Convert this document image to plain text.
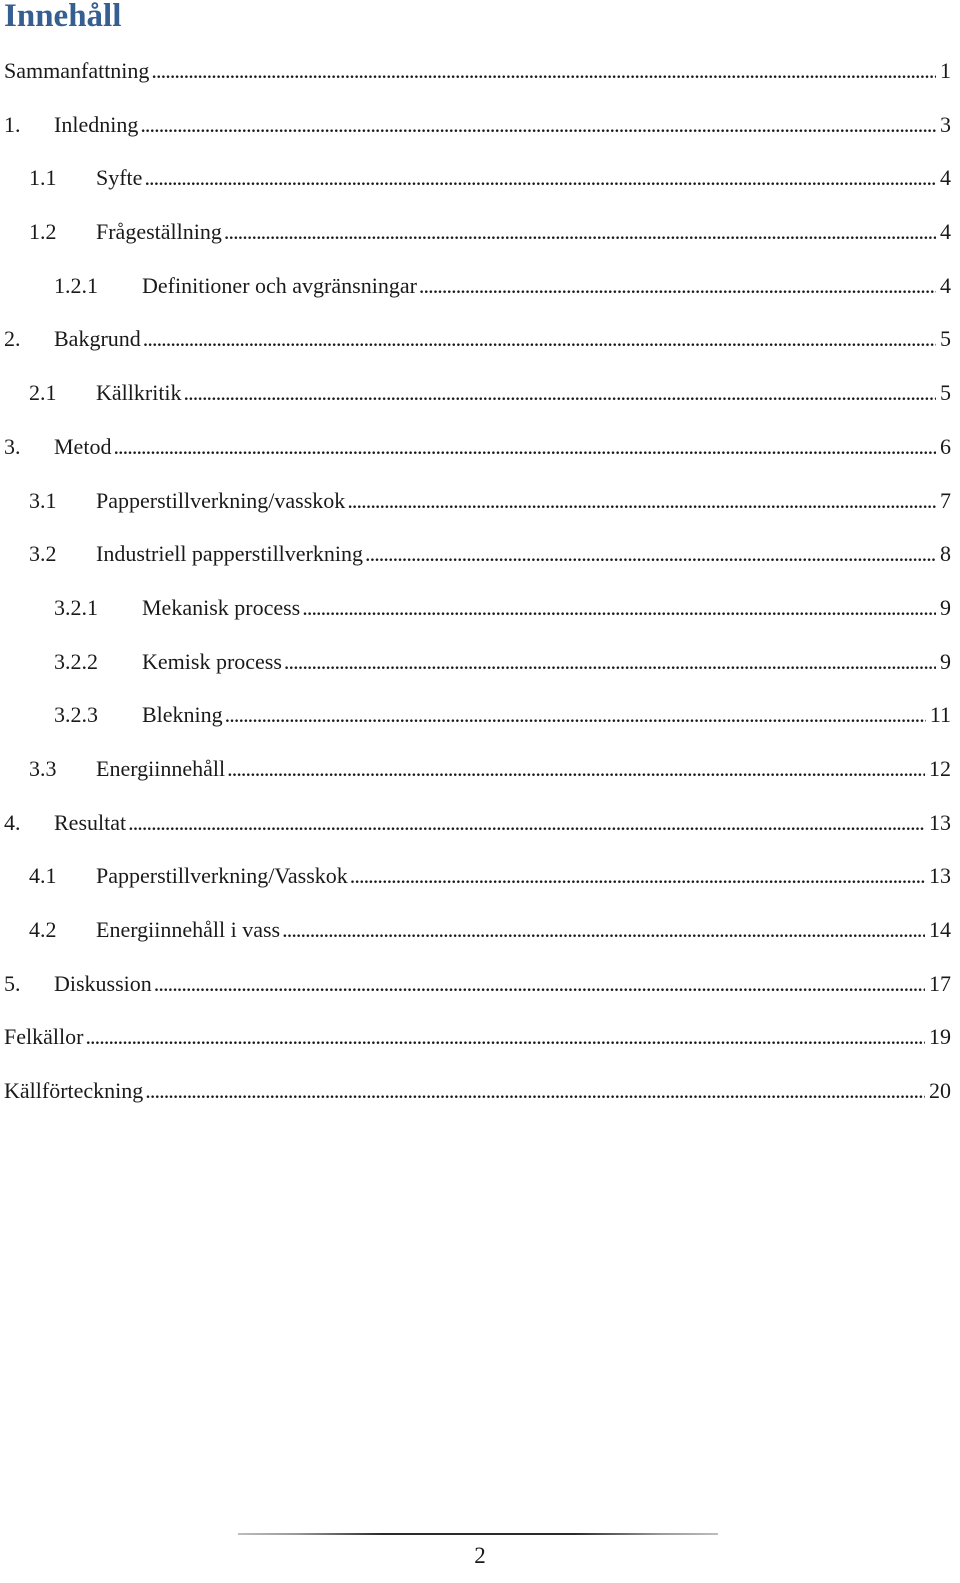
Innehåll
Sammanfattning . . .	1
1.	Inledning . . .	3
1.1	Syfte . . .	4
1.2	Frågeställning . . .	4
1.2.1	Definitioner och avgränsningar . . .	4
2.	Bakgrund . . .	5
2.1	Källkritik . . .	5
3.	Metod . . .	6
3.1	Papperstillverkning/vasskok . . .	7
3.2	Industriell papperstillverkning . . .	8
3.2.1	Mekanisk process . . .	9
3.2.2	Kemisk process . . .	9
3.2.3	Blekning . . .	11
3.3	Energiinnehåll . . .	12
4.	Resultat . . .	13
4.1	Papperstillverkning/Vasskok . . .	13
4.2	Energiinnehåll i vass . . .	14
5.	Diskussion . . .	17
Felkällor . . .	19
Källförteckning . . .	20
2
